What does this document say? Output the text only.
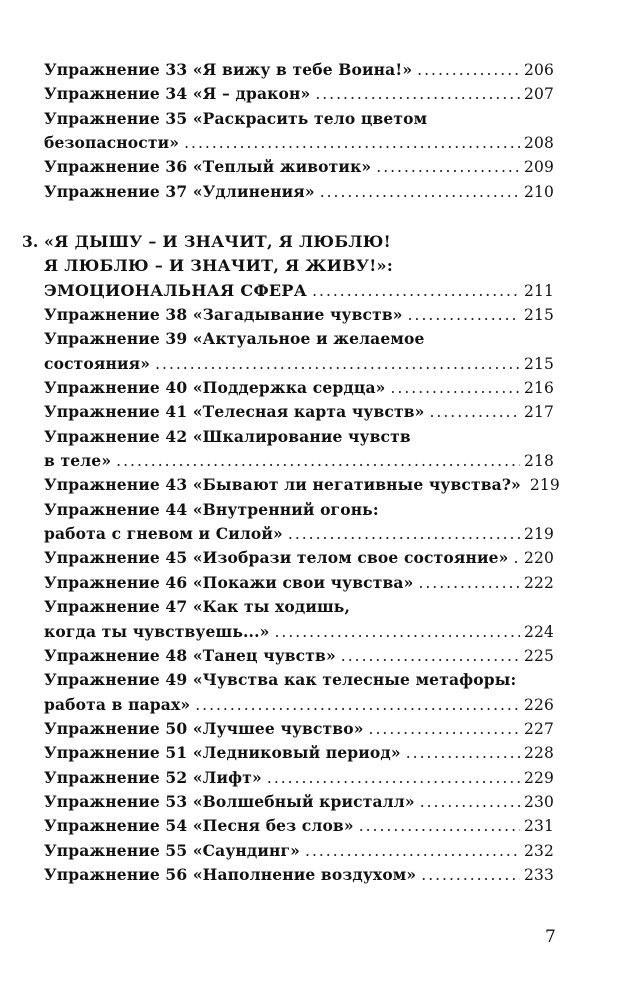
Упражнение 33 «Я вижу в тебе Воина!» .....	206
Упражнение 34 «Я – дракон» .....	207
Упражнение 35 «Раскрасить тело цветом
безопасности» .....	208
Упражнение 36 «Теплый животик» .....	209
Упражнение 37 «Удлинения» .....	210
3. «Я ДЫШУ – И ЗНАЧИТ, Я ЛЮБЛЮ!
Я ЛЮБЛЮ – И ЗНАЧИТ, Я ЖИВУ!»:
ЭМОЦИОНАЛЬНАЯ СФЕРА .....	211
Упражнение 38 «Загадывание чувств» .....	215
Упражнение 39 «Актуальное и желаемое
состояния» .....	215
Упражнение 40 «Поддержка сердца» .....	216
Упражнение 41 «Телесная карта чувств» .....	217
Упражнение 42 «Шкалирование чувств
в теле» .....	218
Упражнение 43 «Бывают ли негативные чувства?» 219
Упражнение 44 «Внутренний огонь:
работа с гневом и Силой» .....	219
Упражнение 45 «Изобрази телом свое состояние» ..... 220
Упражнение 46 «Покажи свои чувства» .....	222
Упражнение 47 «Как ты ходишь,
когда ты чувствуешь...» .....	224
Упражнение 48 «Танец чувств» .....	225
Упражнение 49 «Чувства как телесные метафоры:
работа в парах» .....	226
Упражнение 50 «Лучшее чувство» .....	227
Упражнение 51 «Ледниковый период» .....	228
Упражнение 52 «Лифт» .....	229
Упражнение 53 «Волшебный кристалл» .....	230
Упражнение 54 «Песня без слов» .....	231
Упражнение 55 «Саундинг» .....	232
Упражнение 56 «Наполнение воздухом» .....	233
7
